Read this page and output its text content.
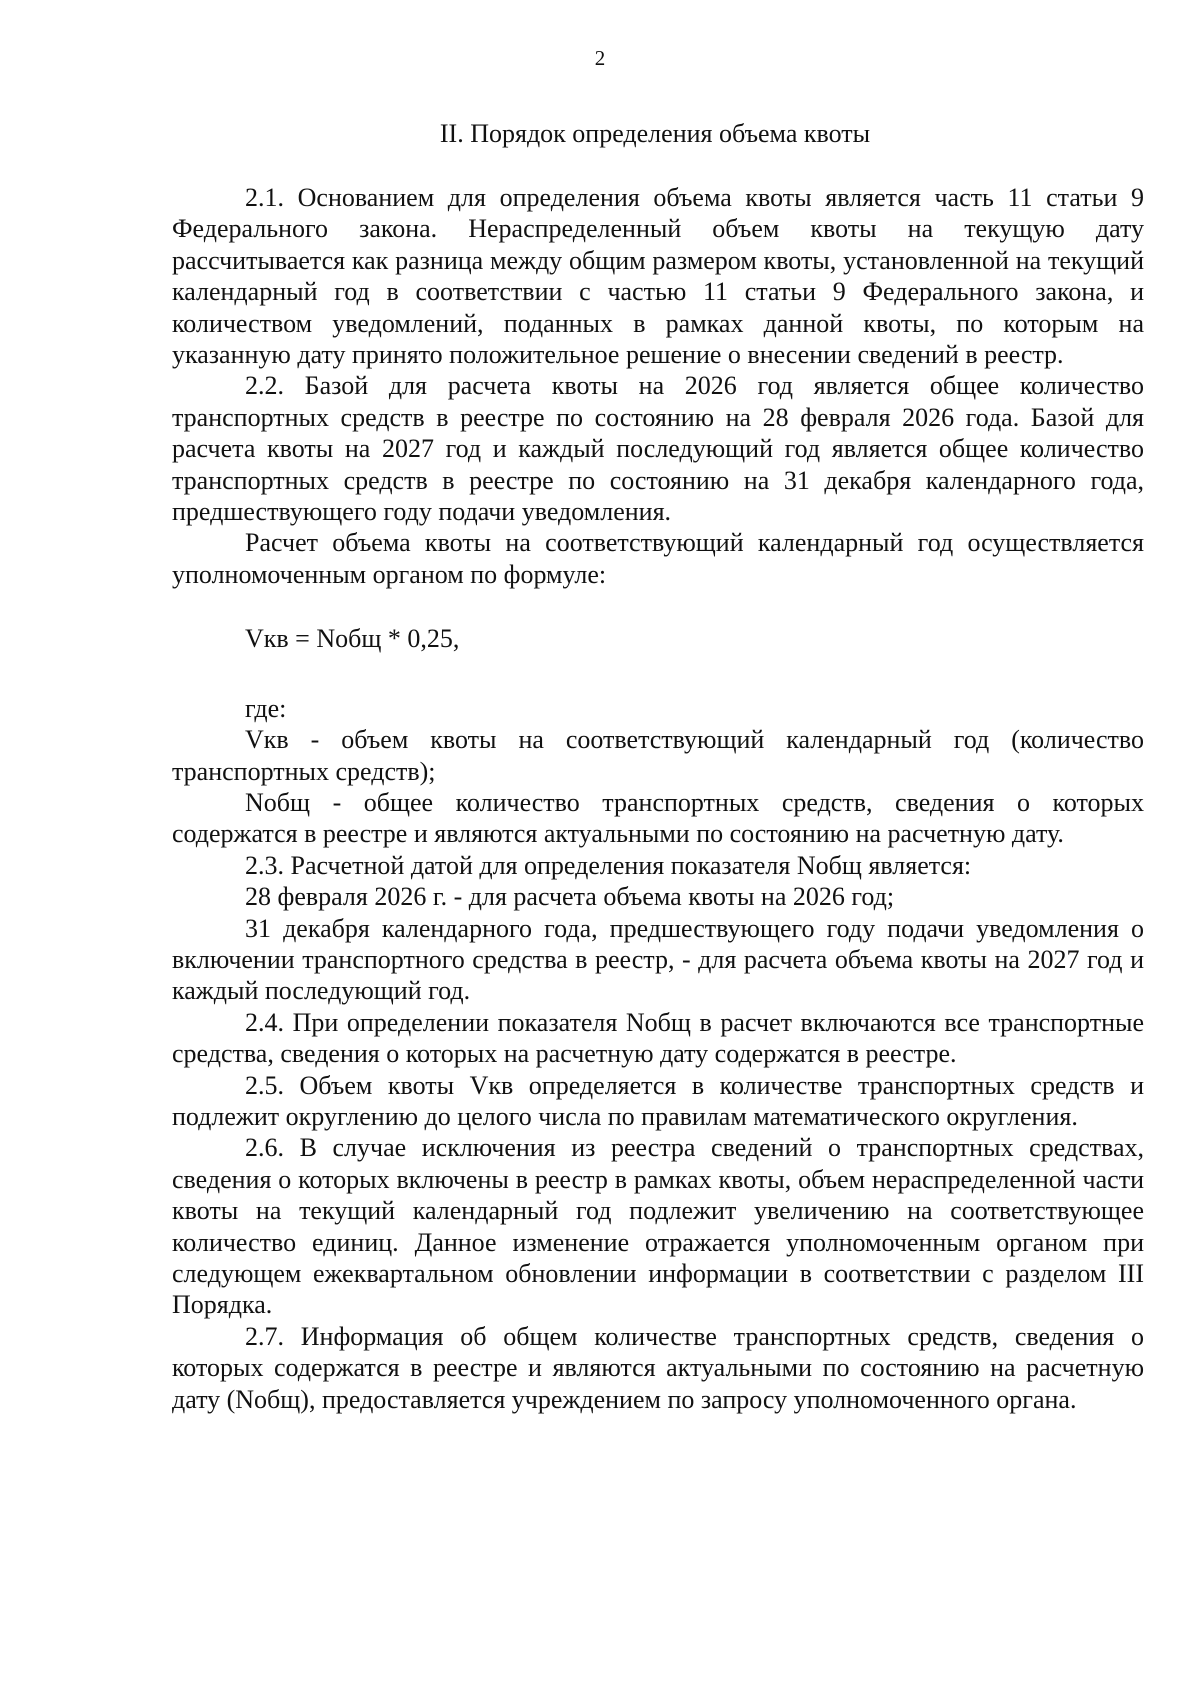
2
II. Порядок определения объема квоты

2.1. Основанием для определения объема квоты является часть 11 статьи 9 Федерального закона. Нераспределенный объем квоты на текущую дату рассчитывается как разница между общим размером квоты, установленной на текущий календарный год в соответствии с частью 11 статьи 9 Федерального закона, и количеством уведомлений, поданных в рамках данной квоты, по которым на указанную дату принято положительное решение о внесении сведений в реестр.

2.2. Базой для расчета квоты на 2026 год является общее количество транспортных средств в реестре по состоянию на 28 февраля 2026 года. Базой для расчета квоты на 2027 год и каждый последующий год является общее количество транспортных средств в реестре по состоянию на 31 декабря календарного года, предшествующего году подачи уведомления.

Расчет объема квоты на соответствующий календарный год осуществляется уполномоченным органом по формуле:

Vкв = Nобщ * 0,25,

где:

Vкв - объем квоты на соответствующий календарный год (количество транспортных средств);

Nобщ - общее количество транспортных средств, сведения о которых содержатся в реестре и являются актуальными по состоянию на расчетную дату.

2.3. Расчетной датой для определения показателя Nобщ является:

28 февраля 2026 г. - для расчета объема квоты на 2026 год;

31 декабря календарного года, предшествующего году подачи уведомления о включении транспортного средства в реестр, - для расчета объема квоты на 2027 год и каждый последующий год.

2.4. При определении показателя Nобщ в расчет включаются все транспортные средства, сведения о которых на расчетную дату содержатся в реестре.

2.5. Объем квоты Vкв определяется в количестве транспортных средств и подлежит округлению до целого числа по правилам математического округления.

2.6. В случае исключения из реестра сведений о транспортных средствах, сведения о которых включены в реестр в рамках квоты, объем нераспределенной части квоты на текущий календарный год подлежит увеличению на соответствующее количество единиц. Данное изменение отражается уполномоченным органом при следующем ежеквартальном обновлении информации в соответствии с разделом III Порядка.

2.7. Информация об общем количестве транспортных средств, сведения о которых содержатся в реестре и являются актуальными по состоянию на расчетную дату (Nобщ), предоставляется учреждением по запросу уполномоченного органа.
